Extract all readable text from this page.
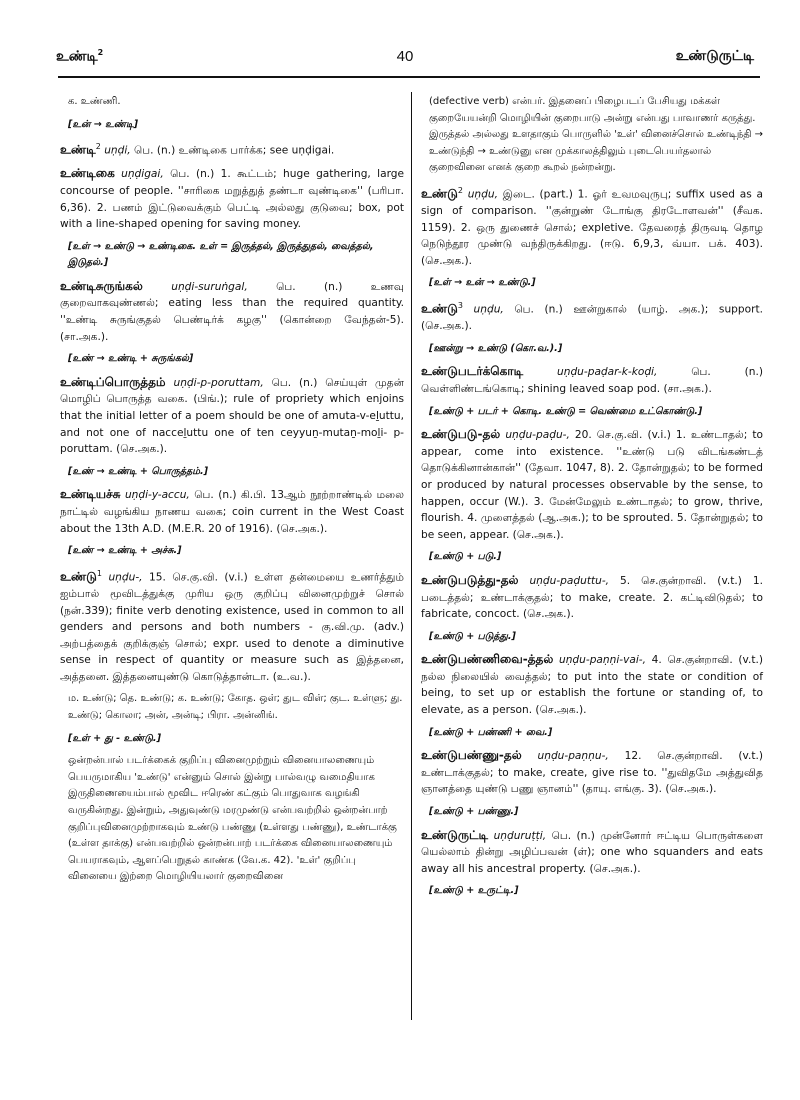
உண்டி$^2$	40	உண்டுருட்டி
க. உண்ணி.
[உன் → உண்டி]
உண்டி$^2$ uṇḍi, பெ. (n.) உண்டிகை பார்க்க; see uṇḍigai.
உண்டிகை uṇḍigai, பெ. (n.) 1. கூட்டம்; huge gathering, large concourse of people. ''சாரிகை மறுத்துத் தண்டா வுண்டிகை'' (பரிபா. 6,36). 2. பணம் இட்டுவைக்கும் பெட்டி அல்லது குடுவை; box, pot with a line-shaped opening for saving money.
[உள் → உண்டு → உண்டிகை. உள் = இருத்தல், இருத்துதல், வைத்தல், இடுதல்.]
உண்டிசுருங்கல்	uṇḍi-suruṅgal,	பெ. (n.) உணவு குறைவாகவுண்ணல்; eating less than the required quantity. ''உண்டி சுருங்குதல் பெண்டிர்க் கழகு'' (கொன்றை வேந்தன்-5). (சா.அக.).
[உண் → உண்டி + சுருங்கல்]
உண்டிப்பொருத்தம் uṇḍi-p-poruttam, பெ. (n.) செய்யுள் முதன் மொழிப் பொருத்த வகை. (பிங்.); rule of propriety which enjoins that the initial letter of a poem should be one of amuta-v-eḻuttu, and not one of nacceḻuttu one of ten ceyyuṉ-mutaṉ-moḻi- p-poruttam. (செ.அக.).
[உண் → உண்டி + பொருத்தம்.]
உண்டியச்சு uṇḍi-y-accu, பெ. (n.) கி.பி. 13ஆம் நூற்றாண்டில் மலை நாட்டில் வழங்கிய நாணய வகை; coin current in the West Coast about the 13th A.D. (M.E.R. 20 of 1916). (செ.அக.).
[உண் → உண்டி + அச்சு.]
உண்டு$^1$ uṇḍu-, 15. செ.கு.வி. (v.i.) உள்ள தன்மையை உணர்த்தும் ஐம்பால் மூவிடத்துக்கு முரிய ஒரு குறிப்பு வினைமுற்றுச் சொல் (நன்.339); finite verb denoting existence, used in common to all genders and persons and both numbers - கு.வி.மு. (adv.) அற்பத்தைக் குறிக்குஞ் சொல்; expr. used to denote a diminutive sense in respect of quantity or measure such as இத்தனை, அத்தனை. இத்தனையுண்டு கொடுத்தான்டா. (உ.வ.).
ம. உண்டு; தெ. உண்டு; க. உண்டு; கோத. ஒள்; துட விள்; குட. உள்ளு; து. உண்டு; கொலா; அன், அன்டி; பிரா. அன்னிங்.
[உள் + து - உண்டு.]
ஒன்றன்பால் படர்க்கைக் குறிப்பு வினைமுற்றும் வினையாலணையும் பெயருமாகிய 'உண்டு' என்னும் சொல் இன்று பால்வழு வமைதியாக இருதிணையைம்பால் மூவிட ஈரெண் கட்கும் பொதுவாக வழங்கி வருகின்றது. இன்றும், அதுவுண்டு மரமுண்டு என்பவற்றில் ஒன்றன்பாற் குறிப்புவினைமுற்றாகவும் உண்டு பண்ணு (உள்ளது பண்ணு), உண்டாக்கு (உள்ள தாக்கு) என்பவற்றில் ஒன்றன்பாற் படர்க்கை வினையாலணையும் பெயராகவும், ஆளப்பெறுதல் காண்க (வே.க. 42). 'உள்' குறிப்பு வினையை இற்றை மொழியியலார் குறைவினை
(defective verb) என்பர். இதனைப் பிழைபடப் பேசியது மக்கள் குறையேயன்றி மொழியின் குறைபாடு அன்று என்பது பாவாணர் கருத்து. இருத்தல் அல்லது உளதாகும் பொருளில் 'உள்' வினைச்சொல் உண்டிந்தி → உண்டுந்தி → உண்டுனு என முக்காலத்திலும் புடைபெயர்தலால் குறைவினை எனக் குறை கூறல் நன்றன்று.
உண்டு$^2$ uṇḍu, இடை. (part.) 1. ஓர் உவமவுருபு; suffix used as a sign of comparison. ''குன்றுண் டோங்கு திரடோளவன்'' (சீவக. 1159). 2. ஒரு துணைச் சொல்; expletive. தேவரைத் திருவடி தொழ நெடுந்தூர முண்டு வந்திருக்கிறது. (ஈடு. 6,9,3, வ்யா. பக். 403). (செ.அக.).
[உள் → உன் → உண்டு.]
உண்டு$^3$ uṇḍu, பெ. (n.) ஊன்றுகால் (யாழ். அக.); support. (செ.அக.).
[ஊன்று → உண்டு (கொ.வ.).]
உண்டுபடர்க்கொடி	uṇḍu-paḍar-k-koḍi,	பெ. (n.) வெள்ளிண்டங்கொடி; shining leaved soap pod. (சா.அக.).
[உண்டு + படர் + கொடி. உண்டு = வெண்மை உட்கொண்டு.]
உண்டுபடு-தல் uṇḍu-paḍu-, 20. செ.கு.வி. (v.i.) 1. உண்டாதல்; to appear, come into existence. ''உண்டு படு விடங்கண்டத் தொடுக்கினான்கான்'' (தேவா. 1047, 8). 2. தோன்றுதல்; to be formed or produced by natural processes observable by the sense, to happen, occur (W.). 3. மேன்மேலும் உண்டாதல்; to grow, thrive, flourish. 4. முளைத்தல் (ஆ.அக.); to be sprouted. 5. தோன்றுதல்; to be seen, appear. (செ.அக.).
[உண்டு + படு.]
உண்டுபடுத்து-தல் uṇḍu-paḍuttu-, 5. செ.குன்றாவி. (v.t.) 1. படைத்தல்; உண்டாக்குதல்; to make, create. 2. கட்டிவிடுதல்; to fabricate, concoct. (செ.அக.).
[உண்டு + படுத்து.]
உண்டுபண்ணிவை-த்தல் uṇḍu-paṇṇi-vai-, 4. செ.குன்றாவி. (v.t.) நல்ல நிலையில் வைத்தல்; to put into the state or condition of being, to set up or establish the fortune or standing of, to elevate, as a person. (செ.அக.).
[உண்டு + பண்ணி + வை.]
உண்டுபண்ணு-தல் uṇḍu-paṇṇu-, 12. செ.குன்றாவி. (v.t.) உண்டாக்குதல்; to make, create, give rise to. ''துவிதமே அத்துவித ஞானத்தை யுண்டு பணு ஞானம்'' (தாயு. எங்கு. 3). (செ.அக.).
[உண்டு + பண்ணு.]
உண்டுருட்டி uṇḍuruṭṭi, பெ. (n.) முன்னோர் ஈட்டிய பொருள்களை யெல்லாம் தின்று அழிப்பவன் (ள்); one who squanders and eats away all his ancestral property. (செ.அக.).
[உண்டு + உருட்டி.]
